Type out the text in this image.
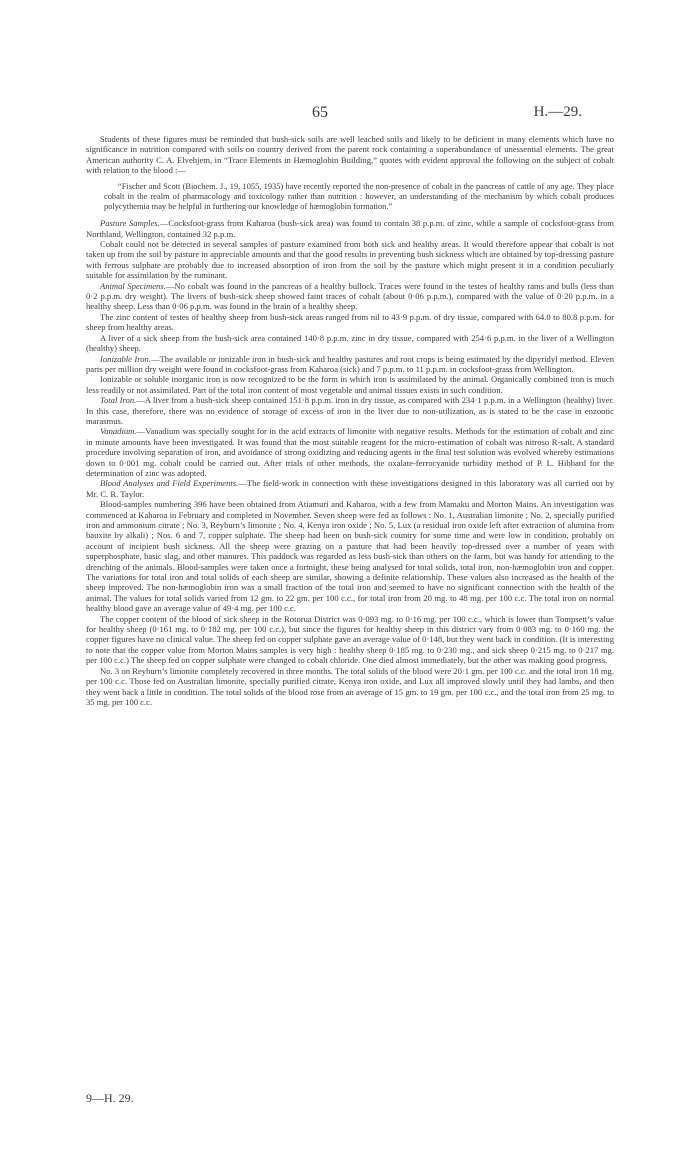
65	H.—29.

Students of these figures must be reminded that bush-sick soils are well leached soils and likely to be deficient in many elements which have no significance in nutrition compared with soils on country derived from the parent rock containing a superabundance of unessential elements. The great American authority C. A. Elvehjem, in “Trace Elements in Hæmoglobin Building,” quotes with evident approval the following on the subject of cobalt with relation to the blood :—

“Fischer and Scott (Biochem. J., 19, 1055, 1935) have recently reported the non-presence of cobalt in the pancreas of cattle of any age. They place cobalt in the realm of pharmacology and toxicology rather than nutrition : however, an understanding of the mechanism by which cobalt produces polycythemia may be helpful in furthering our knowledge of hæmoglobin formation.”

Pasture Samples.—Cocksfoot-grass from Kaharoa (bush-sick area) was found to contain 38 p.p.m. of zinc, while a sample of cocksfoot-grass from Northland, Wellington, contained 32 p.p.m.

Cobalt could not be detected in several samples of pasture examined from both sick and healthy areas. It would therefore appear that cobalt is not taken up from the soil by pasture in appreciable amounts and that the good results in preventing bush sickness which are obtained by top-dressing pasture with ferrous sulphate are probably due to increased absorption of iron from the soil by the pasture which might present it in a condition peculiarly suitable for assimilation by the ruminant.

Animal Specimens.—No cobalt was found in the pancreas of a healthy bullock. Traces were found in the testes of healthy rams and bulls (less than 0·2 p.p.m. dry weight). The livers of bush-sick sheep showed faint traces of cobalt (about 0·06 p.p.m.), compared with the value of 0·20 p.p.m. in a healthy sheep. Less than 0·06 p.p.m. was found in the brain of a healthy sheep.

The zinc content of testes of healthy sheep from bush-sick areas ranged from nil to 43·9 p.p.m. of dry tissue, compared with 64.0 to 80.8 p.p.m. for sheep from healthy areas.

A liver of a sick sheep from the bush-sick area contained 140·8 p.p.m. zinc in dry tissue, compared with 254·6 p.p.m. in the liver of a Wellington (healthy) sheep.

Ionizable Iron.—The available or ionizable iron in bush-sick and healthy pastures and root crops is being estimated by the dipyridyl method. Eleven parts per million dry weight were found in cocksfoot-grass from Kaharoa (sick) and 7 p.p.m. to 11 p.p.m. in cocksfoot-grass from Wellington.

Ionizable or soluble inorganic iron is now recognized to be the form in which iron is assimilated by the animal. Organically combined iron is much less readily or not assimilated. Part of the total iron content of most vegetable and animal tissues exists in such condition.

Total Iron.—A liver from a bush-sick sheep contained 151·8 p.p.m. iron in dry tissue, as compared with 234·1 p.p.m. in a Wellington (healthy) liver. In this case, therefore, there was no evidence of storage of excess of iron in the liver due to non-utilization, as is stated to be the case in enzootic marasmus.

Vanadium.—Vanadium was specially sought for in the acid extracts of limonite with negative results. Methods for the estimation of cobalt and zinc in minute amounts have been investigated. It was found that the most suitable reagent for the micro-estimation of cobalt was nitroso R-salt. A standard procedure involving separation of iron, and avoidance of strong oxidizing and reducing agents in the final test solution was evolved whereby estimations down to 0·001 mg. cobalt could be carried out. After trials of other methods, the oxalate-ferrocyanide turbidity method of P. L. Hibbard for the determination of zinc was adopted.

Blood Analyses and Field Experiments.—The field-work in connection with these investigations designed in this laboratory was all carried out by Mr. C. R. Taylor.

Blood-samples numbering 396 have been obtained from Atiamuri and Kaharoa, with a few from Mamaku and Morton Mains. An investigation was commenced at Kaharoa in February and completed in November. Seven sheep were fed as follows : No. 1, Australian limonite ; No. 2, specially purified iron and ammonium citrate ; No. 3, Reyburn’s limonite ; No. 4, Kenya iron oxide ; No. 5, Lux (a residual iron oxide left after extraction of alumina from bauxite by alkali) ; Nos. 6 and 7, copper sulphate. The sheep had been on bush-sick country for some time and were low in condition, probably on account of incipient bush sickness. All the sheep were grazing on a pasture that had been heavily top-dressed over a number of years with superphosphate, basic slag, and other manures. This paddock was regarded as less bush-sick than others on the farm, but was handy for attending to the drenching of the animals. Blood-samples were taken once a fortnight, these being analysed for total solids, total iron, non-hæmoglobin iron and copper. The variations for total iron and total solids of each sheep are similar, showing a definite relationship. These values also increased as the health of the sheep improved. The non-hæmoglobin iron was a small fraction of the total iron and seemed to have no significant connection with the health of the animal. The values for total solids varied from 12 gm. to 22 gm. per 100 c.c., for total iron from 20 mg. to 48 mg. per 100 c.c. The total iron on normal healthy blood gave an average value of 49·4 mg. per 100 c.c.

The copper content of the blood of sick sheep in the Rotorua District was 0·093 mg. to 0·16 mg. per 100 c.c., which is lower than Tompsett’s value for healthy sheep (0·161 mg. to 0·182 mg. per 100 c.c.), but since the figures for healthy sheep in this district vary from 0·083 mg. to 0·160 mg. the copper figures have no clinical value. The sheep fed on copper sulphate gave an average value of 0·148, but they went back in condition. (It is interesting to note that the copper value from Morton Mains samples is very high : healthy sheep 0·185 mg. to 0·230 mg., and sick sheep 0·215 mg. to 0·217 mg. per 100 c.c.) The sheep fed on copper sulphate were changed to cobalt chloride. One died almost immediately, but the other was making good progress.

No. 3 on Reyburn’s limonite completely recovered in three months. The total solids of the blood were 20·1 gm. per 100 c.c. and the total iron 18 mg. per 100 c.c. Those fed on Australian limonite, specially purified citrate, Kenya iron oxide, and Lux all improved slowly until they had lambs, and then they went back a little in condition. The total solids of the blood rose from an average of 15 gm. to 19 gm. per 100 c.c., and the total iron from 25 mg. to 35 mg. per 100 c.c.

9—H. 29.
